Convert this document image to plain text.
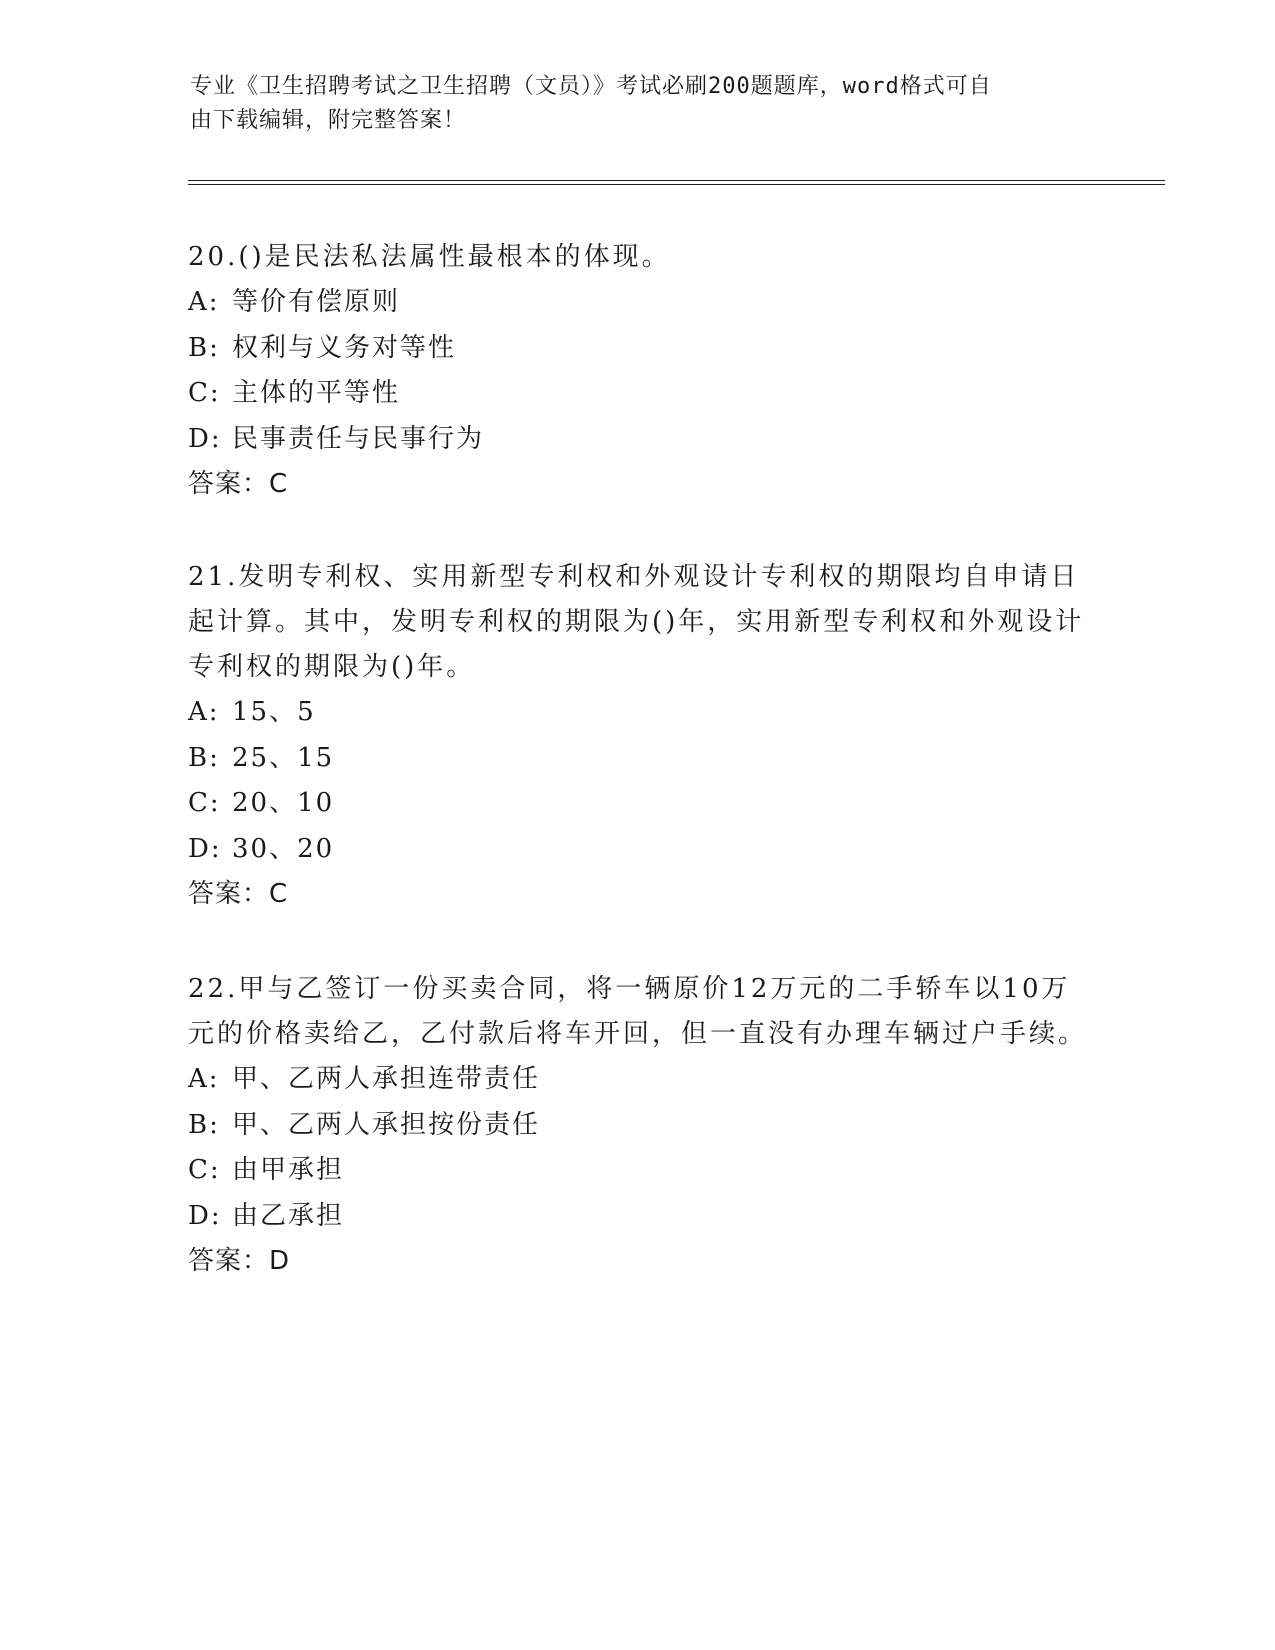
专业《卫生招聘考试之卫生招聘（文员）》考试必刷200题题库，word格式可自
由下载编辑，附完整答案！

20.()是民法私法属性最根本的体现。

A: 等价有偿原则

B: 权利与义务对等性

C: 主体的平等性

D: 民事责任与民事行为

答案：C

21.发明专利权、实用新型专利权和外观设计专利权的期限均自申请日起计算。其中，发明专利权的期限为()年，实用新型专利权和外观设计专利权的期限为()年。

A: 15、5

B: 25、15

C: 20、10

D: 30、20

答案：C

22.甲与乙签订一份买卖合同，将一辆原价12万元的二手轿车以10万元的价格卖给乙，乙付款后将车开回，但一直没有办理车辆过户手续。

A: 甲、乙两人承担连带责任

B: 甲、乙两人承担按份责任

C: 由甲承担

D: 由乙承担

答案：D
